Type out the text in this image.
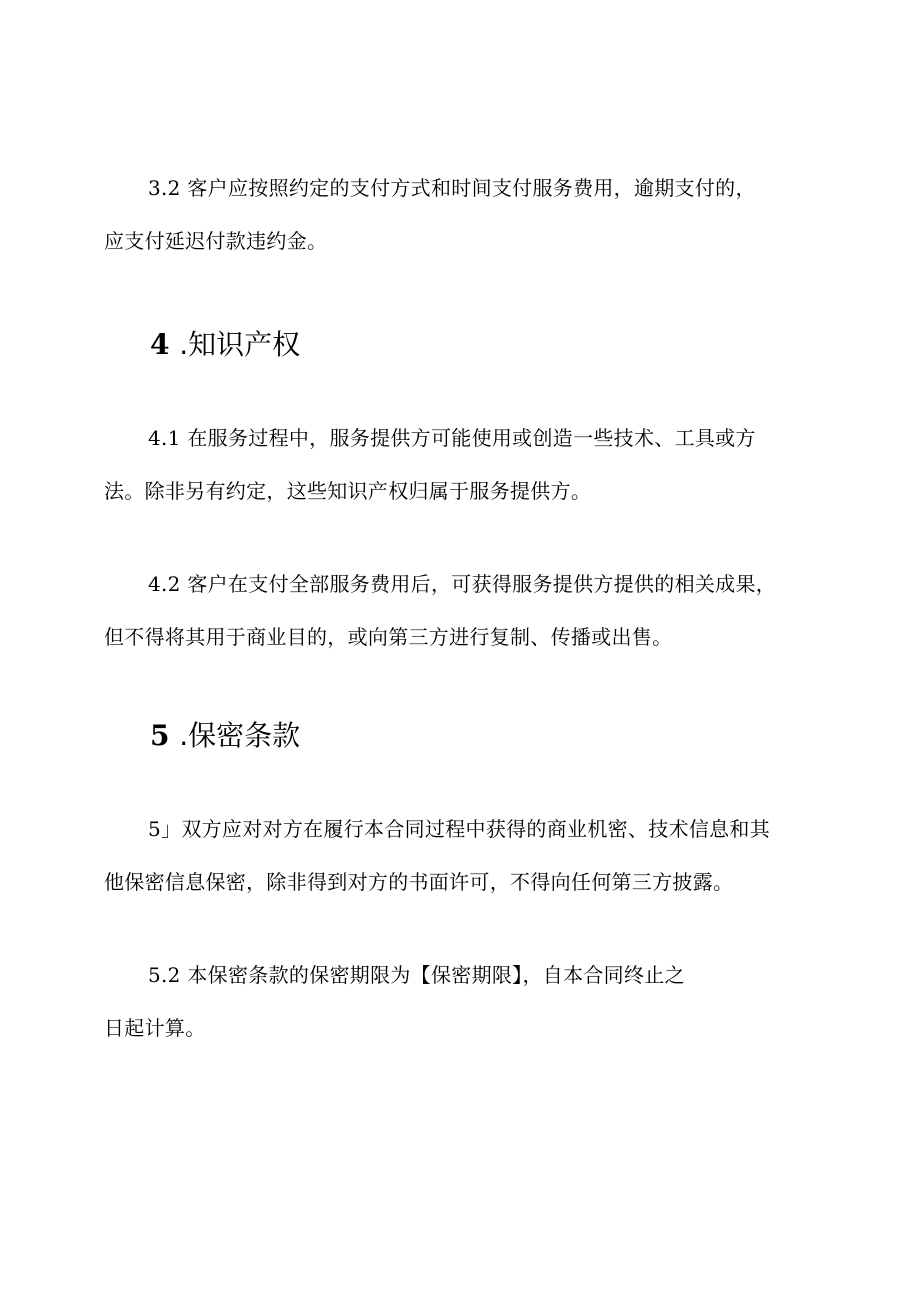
3.2 客户应按照约定的支付方式和时间支付服务费用，逾期支付的，
应支付延迟付款违约金。

4 .知识产权

4.1 在服务过程中，服务提供方可能使用或创造一些技术、工具或方
法。除非另有约定，这些知识产权归属于服务提供方。

4.2 客户在支付全部服务费用后，可获得服务提供方提供的相关成果，
但不得将其用于商业目的，或向第三方进行复制、传播或出售。

5 .保密条款

5」双方应对对方在履行本合同过程中获得的商业机密、技术信息和其
他保密信息保密，除非得到对方的书面许可，不得向任何第三方披露。

5.2 本保密条款的保密期限为【保密期限】，自本合同终止之
日起计算。
